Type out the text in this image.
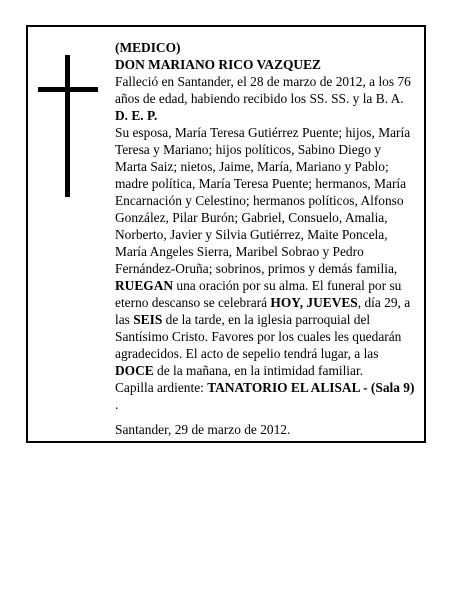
(MEDICO)

DON MARIANO RICO VAZQUEZ

Falleció en Santander, el 28 de marzo de 2012, a los 76

años de edad, habiendo recibido los SS. SS. y la B. A.

D. E. P.

Su esposa, María Teresa Gutiérrez Puente; hijos, María

Teresa y Mariano; hijos políticos, Sabino Diego y

Marta Saiz; nietos, Jaime, María, Mariano y Pablo;

madre política, María Teresa Puente; hermanos, María

Encarnación y Celestino; hermanos políticos, Alfonso

González, Pilar Burón; Gabriel, Consuelo, Amalia,

Norberto, Javier y Silvia Gutiérrez, Maite Poncela,

María Angeles Sierra, Maribel Sobrao y Pedro

Fernández-Oruña; sobrinos, primos y demás familia,

RUEGAN una oración por su alma. El funeral por su

eterno descanso se celebrará HOY, JUEVES, día 29, a

las SEIS de la tarde, en la iglesia parroquial del

Santísimo Cristo. Favores por los cuales les quedarán

agradecidos. El acto de sepelio tendrá lugar, a las

DOCE de la mañana, en la intimidad familiar.

Capilla ardiente: TANATORIO EL ALISAL - (Sala 9)

.

Santander, 29 de marzo de 2012.
